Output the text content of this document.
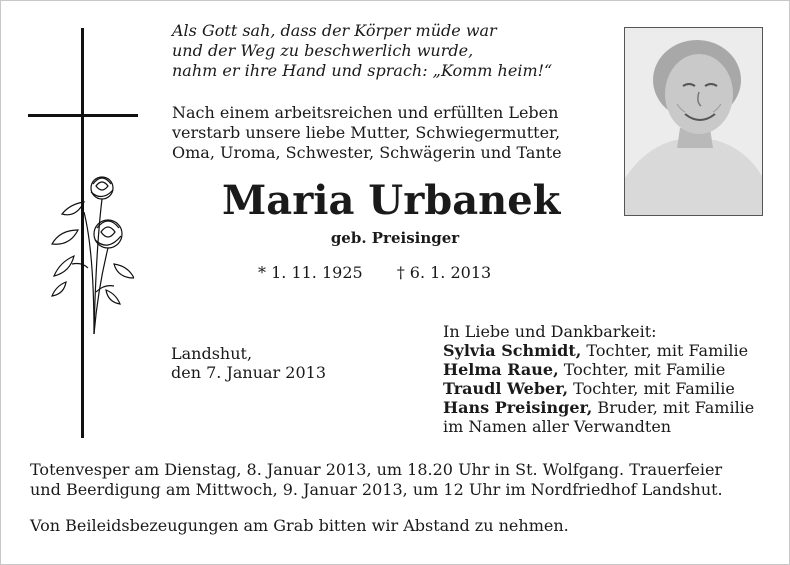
Als Gott sah, dass der Körper müde war
und der Weg zu beschwerlich wurde,
nahm er ihre Hand und sprach: „Komm heim!“
Nach einem arbeitsreichen und erfüllten Leben
verstarb unsere liebe Mutter, Schwiegermutter,
Oma, Uroma, Schwester, Schwägerin und Tante
Maria Urbanek
geb. Preisinger
* 1. 11. 1925 † 6. 1. 2013
Landshut,
den 7. Januar 2013
In Liebe und Dankbarkeit:
Sylvia Schmidt, Tochter, mit Familie
Helma Raue, Tochter, mit Familie
Traudl Weber, Tochter, mit Familie
Hans Preisinger, Bruder, mit Familie
im Namen aller Verwandten
Totenvesper am Dienstag, 8. Januar 2013, um 18.20 Uhr in St. Wolfgang. Trauerfeier
und Beerdigung am Mittwoch, 9. Januar 2013, um 12 Uhr im Nordfriedhof Landshut.
Von Beileidsbezeugungen am Grab bitten wir Abstand zu nehmen.
